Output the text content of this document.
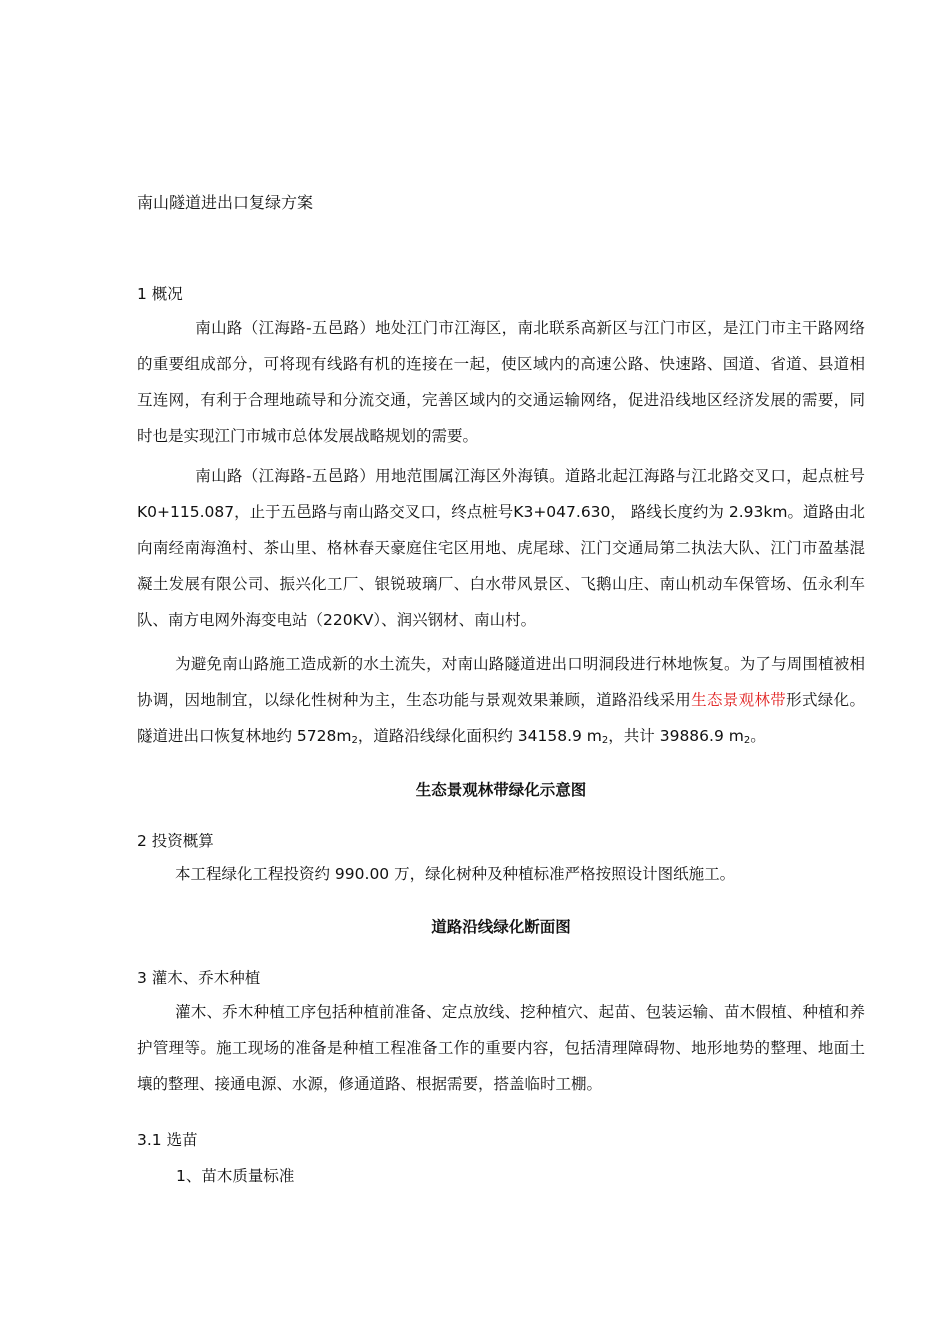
南山隧道进出口复绿方案
1 概况

南山路（江海路-五邑路）地处江门市江海区，南北联系高新区与江门市区，是江门市主干路网络的重要组成部分，可将现有线路有机的连接在一起，使区域内的高速公路、快速路、国道、省道、县道相互连网，有利于合理地疏导和分流交通，完善区域内的交通运输网络，促进沿线地区经济发展的需要，同时也是实现江门市城市总体发展战略规划的需要。

南山路（江海路-五邑路）用地范围属江海区外海镇。道路北起江海路与江北路交叉口，起点桩号 K0+115.087，止于五邑路与南山路交叉口，终点桩号K3+047.630， 路线长度约为 2.93km。道路由北向南经南海渔村、茶山里、格林春天豪庭住宅区用地、虎尾球、江门交通局第二执法大队、江门市盈基混凝土发展有限公司、振兴化工厂、银锐玻璃厂、白水带风景区、飞鹅山庄、南山机动车保管场、伍永利车队、南方电网外海变电站（220KV）、润兴钢材、南山村。

为避免南山路施工造成新的水土流失，对南山路隧道进出口明洞段进行林地恢复。为了与周围植被相协调，因地制宜，以绿化性树种为主，生态功能与景观效果兼顾，道路沿线采用生态景观林带形式绿化。隧道进出口恢复林地约 $5728m_2$，道路沿线绿化面积约 34158.9 $m_2$，共计 39886.9 $m_2$。

生态景观林带绿化示意图
2 投资概算

本工程绿化工程投资约 990.00 万，绿化树种及种植标准严格按照设计图纸施工。

道路沿线绿化断面图
3 灌木、乔木种植

灌木、乔木种植工序包括种植前准备、定点放线、挖种植穴、起苗、包装运输、苗木假植、种植和养护管理等。施工现场的准备是种植工程准备工作的重要内容，包括清理障碍物、地形地势的整理、地面土壤的整理、接通电源、水源，修通道路、根据需要，搭盖临时工棚。

3.1 选苗
1、苗木质量标准
